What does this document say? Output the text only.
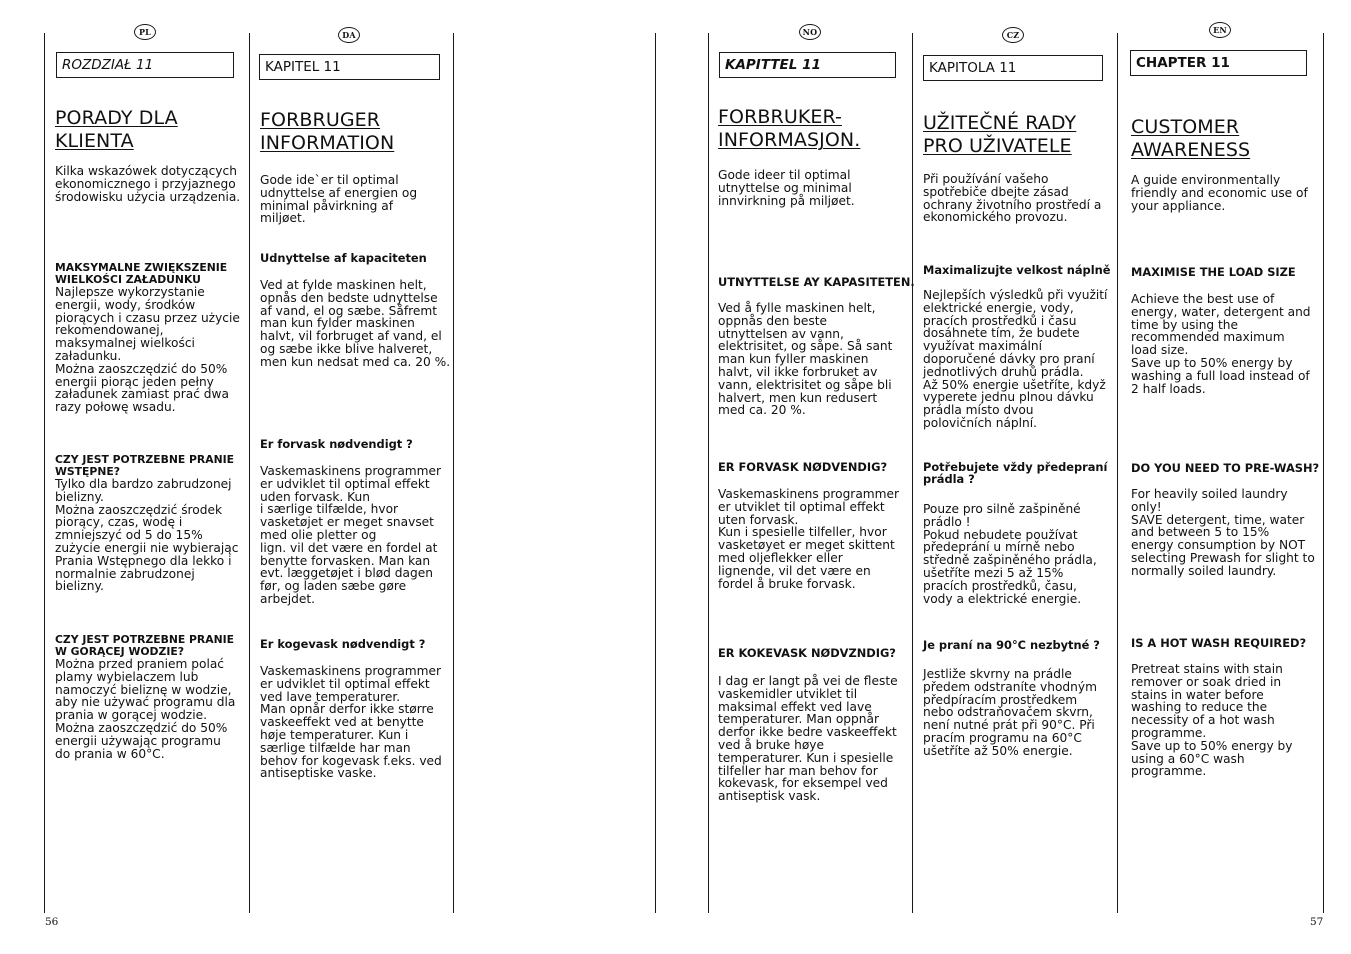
PL
ROZDZIAŁ 11
PORADY DLA
KLIENTA
Kilka wskazówek dotyczących
ekonomicznego i przyjaznego
środowisku użycia urządzenia.
MAKSYMALNE ZWIĘKSZENIE
WIELKOŚCI ZAŁADUNKU
Najlepsze wykorzystanie
energii, wody, środków
piorących i czasu przez użycie
rekomendowanej,
maksymalnej wielkości
załadunku.
Można zaoszczędzić do 50%
energii piorąc jeden pełny
załadunek zamiast prać dwa
razy połowę wsadu.
CZY JEST POTRZEBNE PRANIE
WSTĘPNE?
Tylko dla bardzo zabrudzonej
bielizny.
Można zaoszczędzić środek
piorący, czas, wodę i
zmniejszyć od 5 do 15%
zużycie energii nie wybierając
Prania Wstępnego dla lekko i
normalnie zabrudzonej
bielizny.
CZY JEST POTRZEBNE PRANIE
W GORĄCEJ WODZIE?
Można przed praniem polać
plamy wybielaczem lub
namoczyć bieliznę w wodzie,
aby nie używać programu dla
prania w gorącej wodzie.
Można zaoszczędzić do 50%
energii używając programu
do prania w 60°C.
DA
KAPITEL 11
FORBRUGER
INFORMATION
Gode ide`er til optimal
udnyttelse af energien og
minimal påvirkning af
miljøet.
Udnyttelse af kapaciteten
Ved at fylde maskinen helt,
opnås den bedste udnyttelse
af vand, el og sæbe. Såfremt
man kun fylder maskinen
halvt, vil forbruget af vand, el
og sæbe ikke blive halveret,
men kun nedsat med ca. 20 %.
Er forvask nødvendigt ?
Vaskemaskinens programmer
er udviklet til optimal effekt
uden forvask. Kun
i særlige tilfælde, hvor
vasketøjet er meget snavset
med olie pletter og
lign. vil det være en fordel at
benytte forvasken. Man kan
evt. læggetøjet i blød dagen
før, og laden sæbe gøre
arbejdet.
Er kogevask nødvendigt ?
Vaskemaskinens programmer
er udviklet til optimal effekt
ved lave temperaturer.
Man opnår derfor ikke større
vaskeeffekt ved at benytte
høje temperaturer. Kun i
særlige tilfælde har man
behov for kogevask f.eks. ved
antiseptiske vaske.
NO
KAPITTEL 11
FORBRUKER-
INFORMASJON.
Gode ideer til optimal
utnyttelse og minimal
innvirkning på miljøet.
UTNYTTELSE AY KAPASITETEN.
Ved å fylle maskinen helt,
oppnås den beste
utnyttelsen av vann,
elektrisitet, og såpe. Så sant
man kun fyller maskinen
halvt, vil ikke forbruket av
vann, elektrisitet og såpe bli
halvert, men kun redusert
med ca. 20 %.
ER FORVASK NØDVENDIG?
Vaskemaskinens programmer
er utviklet til optimal effekt
uten forvask.
Kun i spesielle tilfeller, hvor
vasketøyet er meget skittent
med oljeflekker eller
lignende, vil det være en
fordel å bruke forvask.
ER KOKEVASK NØDVZNDIG?
I dag er langt på vei de fleste
vaskemidler utviklet til
maksimal effekt ved lave
temperaturer. Man oppnår
derfor ikke bedre vaskeeffekt
ved å bruke høye
temperaturer. Kun i spesielle
tilfeller har man behov for
kokevask, for eksempel ved
antiseptisk vask.
CZ
KAPITOLA 11
UŽITEČNÉ RADY
PRO UŽIVATELE
Při používání vašeho
spotřebiče dbejte zásad
ochrany životního prostředí a
ekonomického provozu.
Maximalizujte velkost náplně
Nejlepších výsledků při využití
elektrické energie, vody,
pracích prostředků i času
dosáhnete tím, že budete
využívat maximální
doporučené dávky pro praní
jednotlivých druhů prádla.
Až 50% energie ušetříte, když
vyperete jednu plnou dávku
prádla místo dvou
polovičních náplní.
Potřebujete vždy předepraní
prádla ?
Pouze pro silně zašpiněné
prádlo !
Pokud nebudete používat
předeprání u mírně nebo
středně zašpiněného prádla,
ušetříte mezi 5 až 15%
pracích prostředků, času,
vody a elektrické energie.
Je praní na 90°C nezbytné ?
Jestliže skvrny na prádle
předem odstraníte vhodným
předpíracím prostředkem
nebo odstraňovačem skvrn,
není nutné prát při 90°C. Při
pracím programu na 60°C
ušetříte až 50% energie.
EN
CHAPTER 11
CUSTOMER
AWARENESS
A guide environmentally
friendly and economic use of
your appliance.
MAXIMISE THE LOAD SIZE
Achieve the best use of
energy, water, detergent and
time by using the
recommended maximum
load size.
Save up to 50% energy by
washing a full load instead of
2 half loads.
DO YOU NEED TO PRE-WASH?
For heavily soiled laundry
only!
SAVE detergent, time, water
and between 5 to 15%
energy consumption by NOT
selecting Prewash for slight to
normally soiled laundry.
IS A HOT WASH REQUIRED?
Pretreat stains with stain
remover or soak dried in
stains in water before
washing to reduce the
necessity of a hot wash
programme.
Save up to 50% energy by
using a 60°C wash
programme.
56	57
